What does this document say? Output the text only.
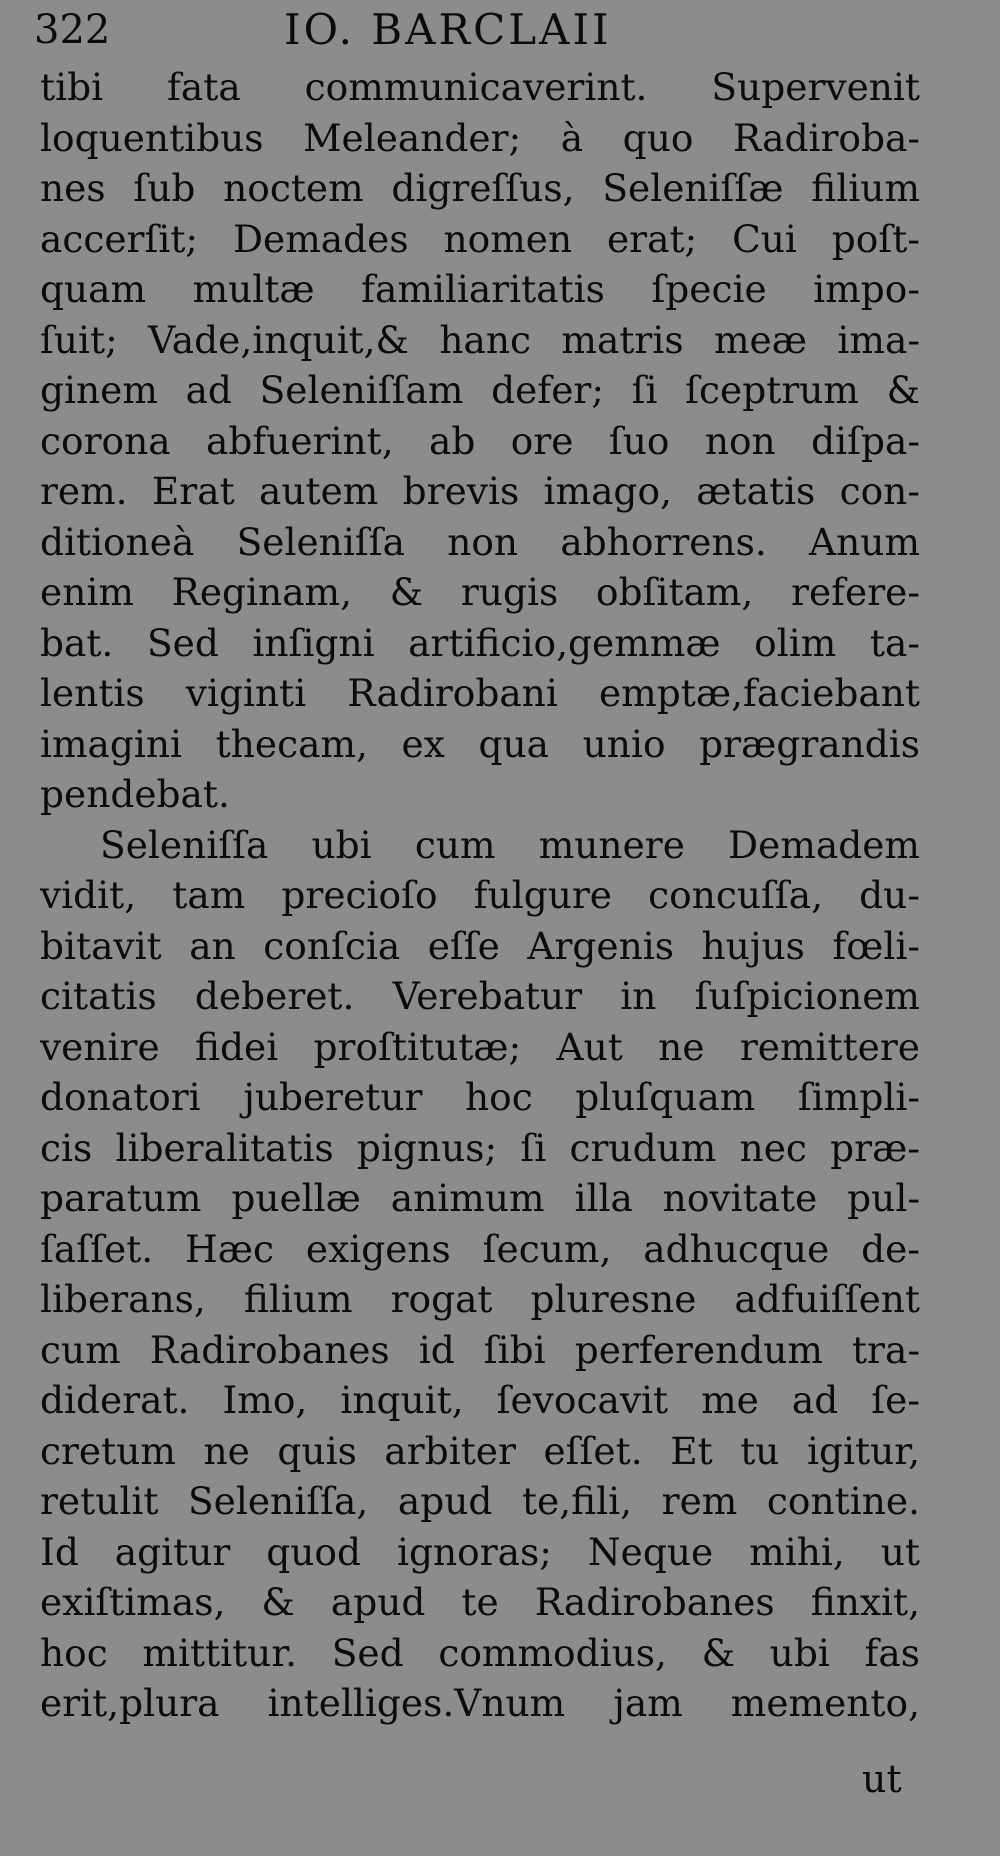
322	IO. BARCLAII
tibi fata communicaverint. Supervenit
loquentibus Meleander; à quo Radiroba-
nes ſub noctem digreſſus, Seleniſſæ filium
accerſit; Demades nomen erat; Cui poſt-
quam multæ familiaritatis ſpecie impo-
ſuit; Vade,inquit,& hanc matris meæ ima-
ginem ad Seleniſſam defer; ſi ſceptrum &
corona abfuerint, ab ore ſuo non diſpa-
rem. Erat autem brevis imago, ætatis con-
ditioneà Seleniſſa non abhorrens. Anum
enim Reginam, & rugis obſitam, refere-
bat. Sed inſigni artificio,gemmæ olim ta-
lentis viginti Radirobani emptæ,faciebant
imagini thecam, ex qua unio prægrandis
pendebat.
Seleniſſa ubi cum munere Demadem
vidit, tam precioſo fulgure concuſſa, du-
bitavit an conſcia eſſe Argenis hujus fœli-
citatis deberet. Verebatur in ſuſpicionem
venire fidei proſtitutæ; Aut ne remittere
donatori juberetur hoc pluſquam ſimpli-
cis liberalitatis pignus; ſi crudum nec præ-
paratum puellæ animum illa novitate pul-
ſaſſet. Hæc exigens ſecum, adhucque de-
liberans, filium rogat pluresne adfuiſſent
cum Radirobanes id ſibi perferendum tra-
diderat. Imo, inquit, ſevocavit me ad ſe-
cretum ne quis arbiter eſſet. Et tu igitur,
retulit Seleniſſa, apud te,fili, rem contine.
Id agitur quod ignoras; Neque mihi, ut
exiſtimas, & apud te Radirobanes finxit,
hoc mittitur. Sed commodius, & ubi fas
erit,plura intelliges.Vnum jam memento,
ut
